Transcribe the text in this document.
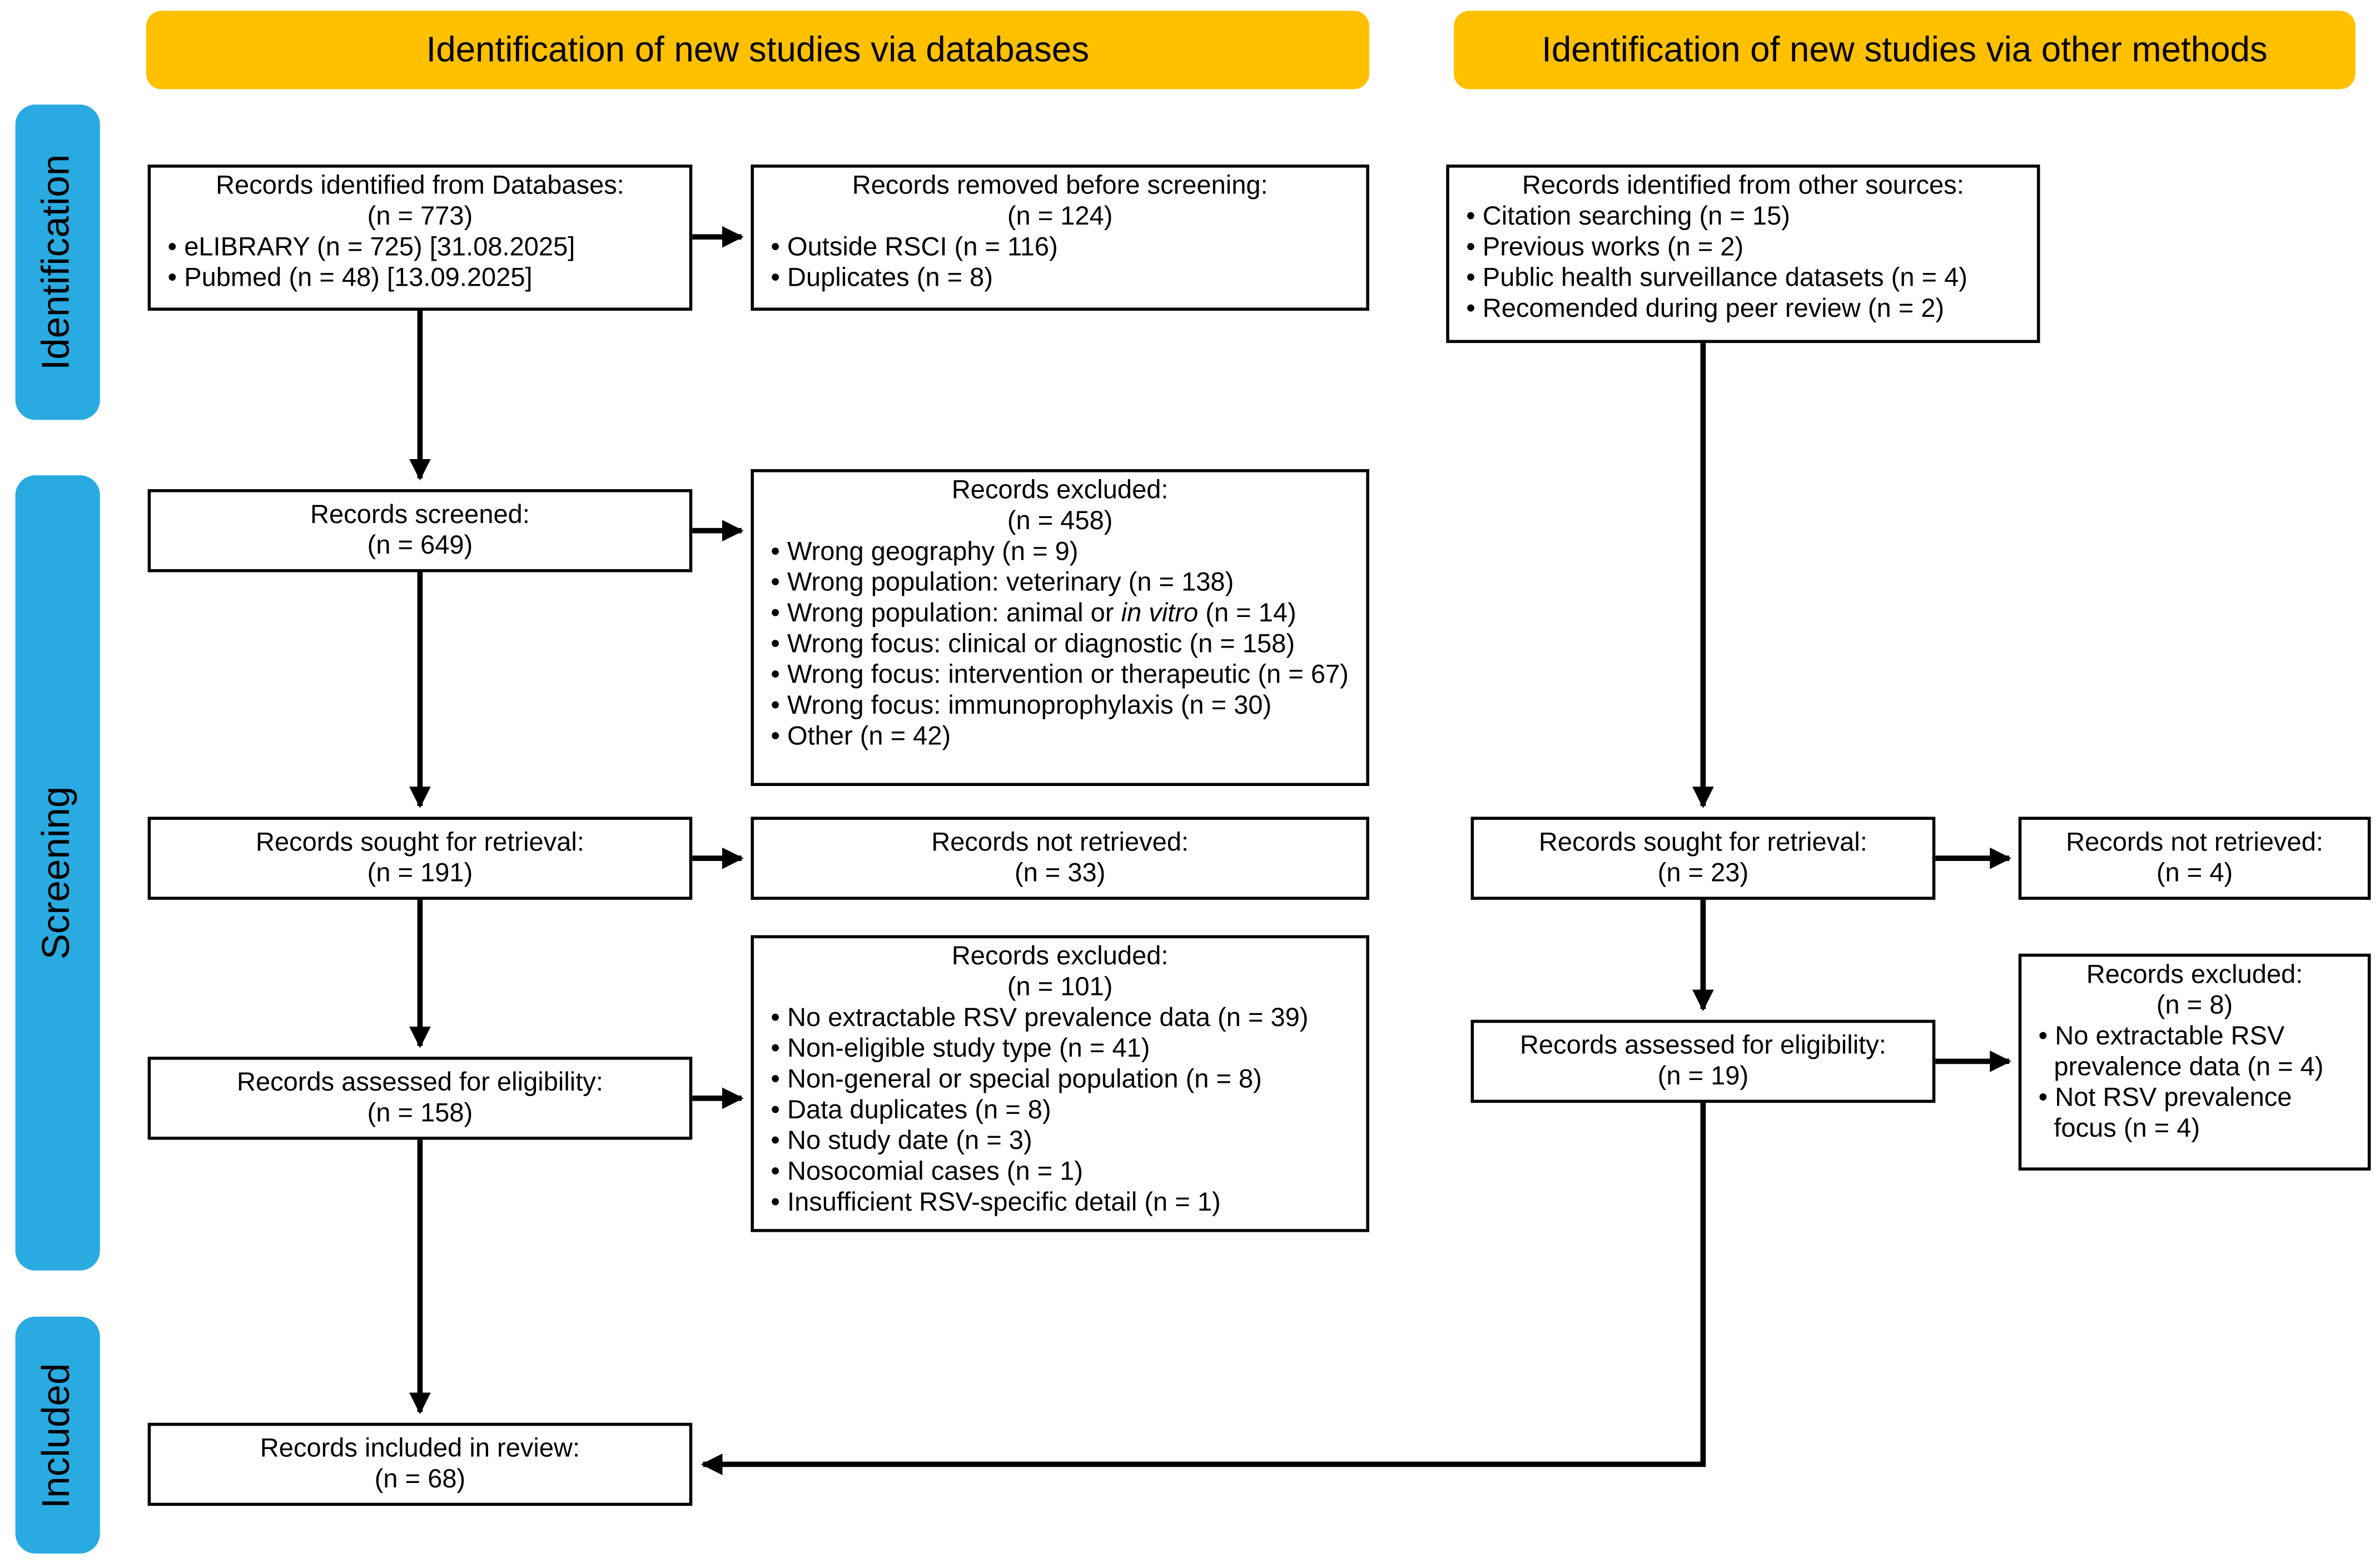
Identification of new studies via databases	Identification of new studies via other methods
Identification
Screening
Included
Records identified from Databases:
(n = 773)
• eLIBRARY (n = 725) [31.08.2025]
• Pubmed (n = 48) [13.09.2025]
Records removed before screening:
(n = 124)
• Outside RSCI (n = 116)
• Duplicates (n = 8)
Records screened:
(n = 649)
Records excluded:
(n = 458)
• Wrong geography (n = 9)
• Wrong population: veterinary (n = 138)
• Wrong population: animal or in vitro (n = 14)
• Wrong focus: clinical or diagnostic (n = 158)
• Wrong focus: intervention or therapeutic (n = 67)
• Wrong focus: immunoprophylaxis (n = 30)
• Other (n = 42)
Records sought for retrieval:
(n = 191)
Records not retrieved:
(n = 33)
Records assessed for eligibility:
(n = 158)
Records excluded:
(n = 101)
• No extractable RSV prevalence data (n = 39)
• Non-eligible study type (n = 41)
• Non-general or special population (n = 8)
• Data duplicates (n = 8)
• No study date (n = 3)
• Nosocomial cases (n = 1)
• Insufficient RSV-specific detail (n = 1)
Records included in review:
(n = 68)
Records identified from other sources:
• Citation searching (n = 15)
• Previous works (n = 2)
• Public health surveillance datasets (n = 4)
• Recomended during peer review (n = 2)
Records sought for retrieval:
(n = 23)
Records not retrieved:
(n = 4)
Records assessed for eligibility:
(n = 19)
Records excluded:
(n = 8)
• No extractable RSV prevalence data (n = 4)
• Not RSV prevalence focus (n = 4)
